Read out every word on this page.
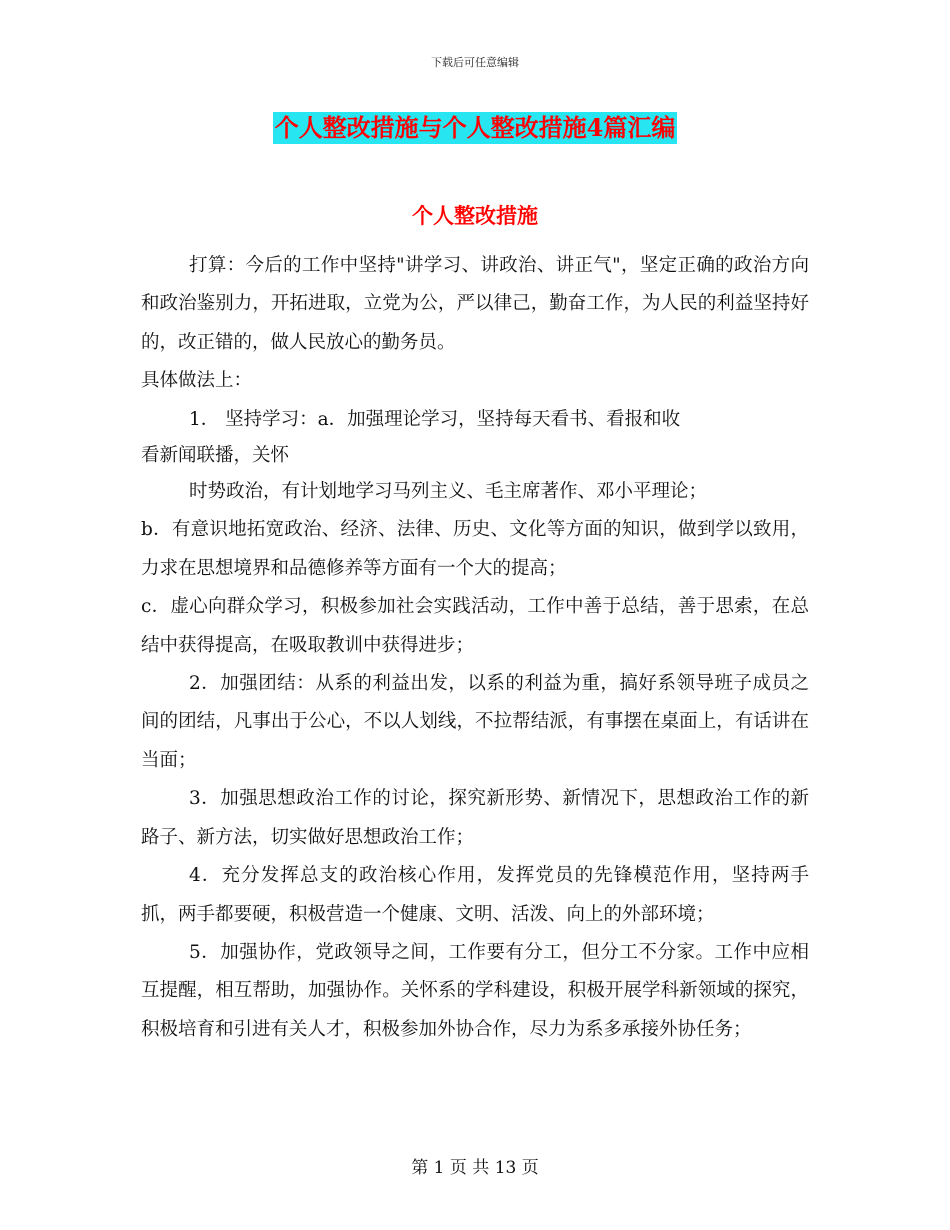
下载后可任意编辑
个人整改措施与个人整改措施4篇汇编
个人整改措施

打算：今后的工作中坚持"讲学习、讲政治、讲正气"，坚定正确的政治方向和政治鉴别力，开拓进取，立党为公，严以律己，勤奋工作，为人民的利益坚持好的，改正错的，做人民放心的勤务员。

具体做法上：

1． 坚持学习：a．加强理论学习，坚持每天看书、看报和收

看新闻联播，关怀

时势政治，有计划地学习马列主义、毛主席著作、邓小平理论；

b．有意识地拓宽政治、经济、法律、历史、文化等方面的知识，做到学以致用，力求在思想境界和品德修养等方面有一个大的提高；

c．虚心向群众学习，积极参加社会实践活动，工作中善于总结，善于思索，在总结中获得提高，在吸取教训中获得进步；

2．加强团结：从系的利益出发，以系的利益为重，搞好系领导班子成员之间的团结，凡事出于公心，不以人划线，不拉帮结派，有事摆在桌面上，有话讲在当面；

3．加强思想政治工作的讨论，探究新形势、新情况下，思想政治工作的新路子、新方法，切实做好思想政治工作；

4．充分发挥总支的政治核心作用，发挥党员的先锋模范作用，坚持两手抓，两手都要硬，积极营造一个健康、文明、活泼、向上的外部环境；

5．加强协作，党政领导之间，工作要有分工，但分工不分家。工作中应相互提醒，相互帮助，加强协作。关怀系的学科建设，积极开展学科新领域的探究，积极培育和引进有关人才，积极参加外协合作，尽力为系多承接外协任务；

第 1 页 共 13 页
